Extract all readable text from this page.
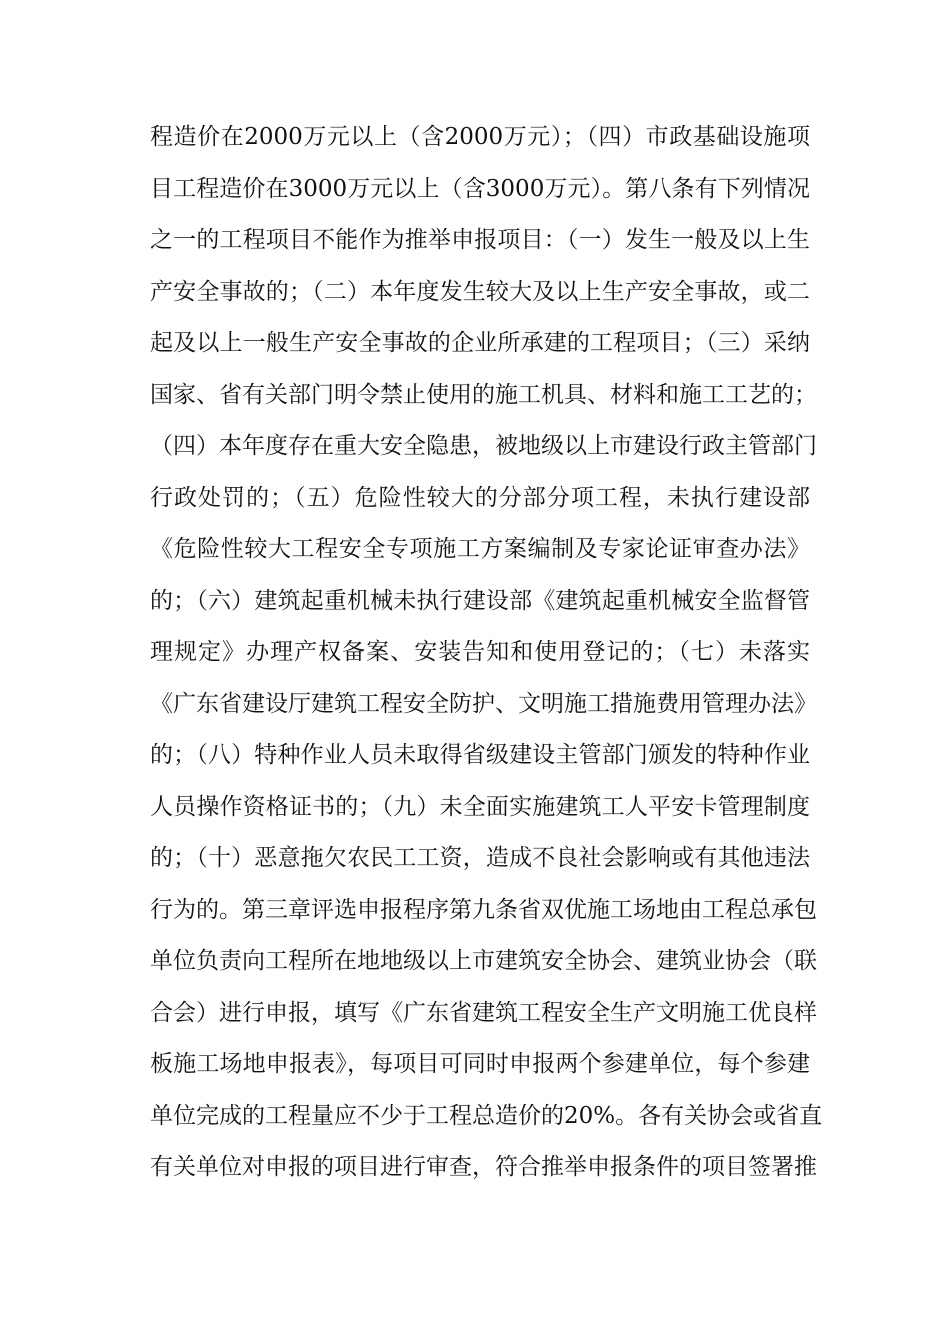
程造价在2000万元以上（含2000万元）；（四）市政基础设施项
目工程造价在3000万元以上（含3000万元）。第八条有下列情况
之一的工程项目不能作为推举申报项目：（一）发生一般及以上生
产安全事故的；（二）本年度发生较大及以上生产安全事故，或二
起及以上一般生产安全事故的企业所承建的工程项目；（三）采纳
国家、省有关部门明令禁止使用的施工机具、材料和施工工艺的；
（四）本年度存在重大安全隐患，被地级以上市建设行政主管部门
行政处罚的；（五）危险性较大的分部分项工程，未执行建设部
《危险性较大工程安全专项施工方案编制及专家论证审查办法》
的；（六）建筑起重机械未执行建设部《建筑起重机械安全监督管
理规定》办理产权备案、安装告知和使用登记的；（七）未落实
《广东省建设厅建筑工程安全防护、文明施工措施费用管理办法》
的；（八）特种作业人员未取得省级建设主管部门颁发的特种作业
人员操作资格证书的；（九）未全面实施建筑工人平安卡管理制度
的；（十）恶意拖欠农民工工资，造成不良社会影响或有其他违法
行为的。第三章评选申报程序第九条省双优施工场地由工程总承包
单位负责向工程所在地地级以上市建筑安全协会、建筑业协会（联
合会）进行申报，填写《广东省建筑工程安全生产文明施工优良样
板施工场地申报表》，每项目可同时申报两个参建单位，每个参建
单位完成的工程量应不少于工程总造价的20%。各有关协会或省直
有关单位对申报的项目进行审查，符合推举申报条件的项目签署推
